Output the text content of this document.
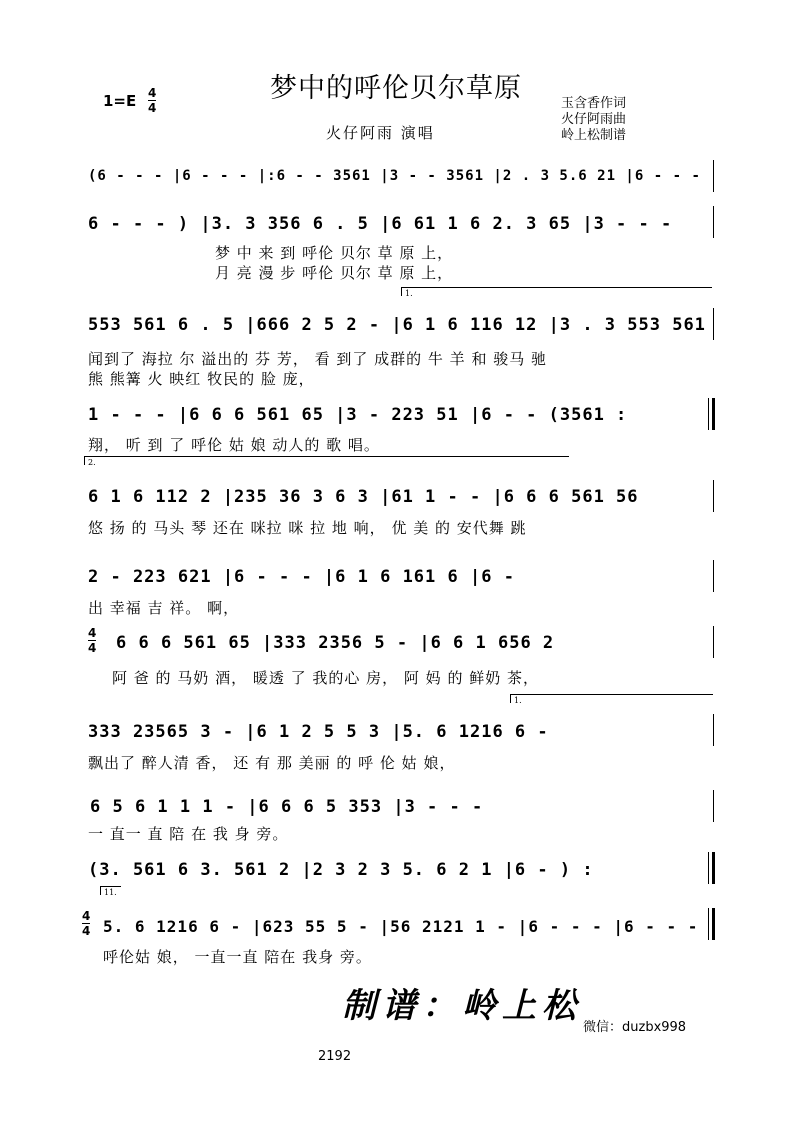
梦中的呼伦贝尔草原
1=E 4
4
火仔阿雨 演唱
玉含香作词
火仔阿雨曲
岭上松制谱
(6 - - - |6 - - - |:6 - - 3561 |3 - - 3561 |2 . 3 5.6 21 |6 - - -
6 - - - ) |3. 3 356 6 . 5 |6 61 1 6 2. 3 65 |3 - - -
梦 中 来 到 呼伦 贝尔 草 原 上，
月 亮 漫 步 呼伦 贝尔 草 原 上，
1.
553 561 6 . 5 |666 2 5 2 - |6 1 6 116 12 |3 . 3 553 561
闻到了 海拉 尔 溢出的 芬 芳， 看 到了 成群的 牛 羊 和 骏马 驰
熊 熊篝 火 映红 牧民的 脸 庞，
1 - - - |6 6 6 561 65 |3 - 223 51 |6 - - (3561 :
翔， 听 到 了 呼伦 姑 娘 动人的 歌 唱。
2.
6 1 6 112 2 |235 36 3 6 3 |61 1 - - |6 6 6 561 56
悠 扬 的 马头 琴 还在 咪拉 咪 拉 地 响， 优 美 的 安代舞 跳
2 - 223 621 |6 - - - |6 1 6 161 6 |6 -
出 幸福 吉 祥。 啊，
4
4 6 6 6 561 65 |333 2356 5 - |6 6 1 656 2
阿 爸 的 马奶 酒， 暖透 了 我的心 房， 阿 妈 的 鲜奶 茶，
1.
333 23565 3 - |6 1 2 5 5 3 |5. 6 1216 6 -
飘出了 醉人清 香， 还 有 那 美丽 的 呼 伦 姑 娘，
6 5 6 1 1 1 - |6 6 6 5 353 |3 - - -
一 直一 直 陪 在 我 身 旁。
(3. 561 6 3. 561 2 |2 3 2 3 5. 6 2 1 |6 - ) :
11.
4
4 5. 6 1216 6 - |623 55 5 - |56 2121 1 - |6 - - - |6 - - -
呼伦姑 娘， 一直一直 陪在 我身 旁。
制谱：岭上松
微信：duzbx998
2192
